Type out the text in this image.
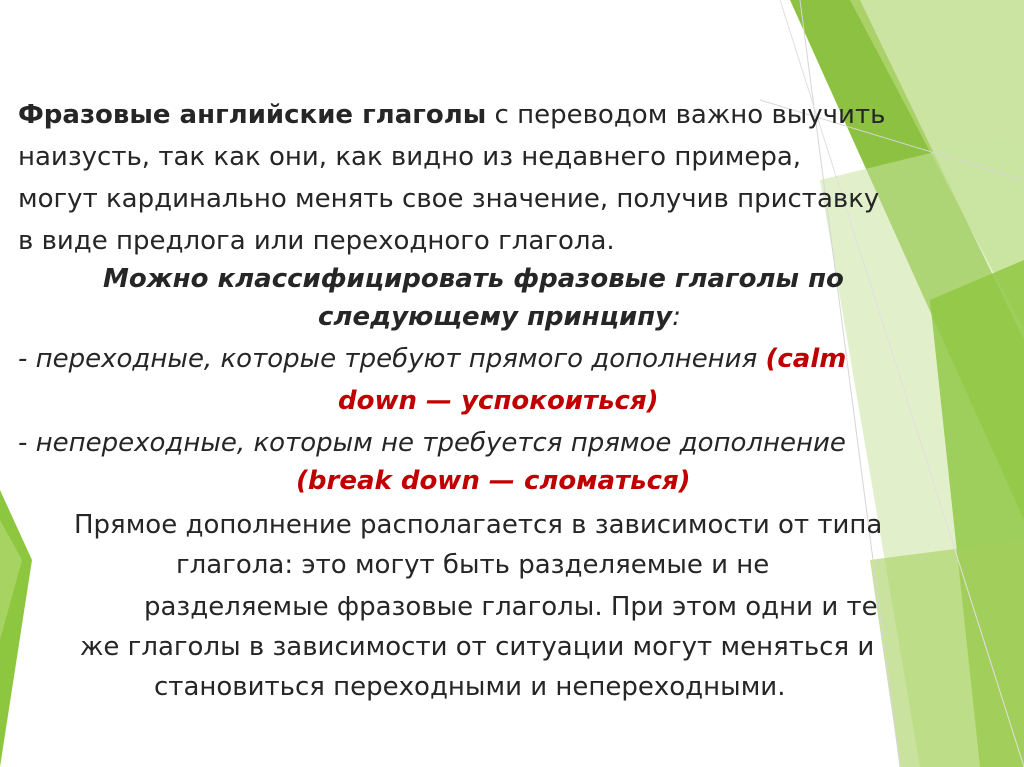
Фразовые английские глаголы с переводом важно выучить
наизусть, так как они, как видно из недавнего примера,
могут кардинально менять свое значение, получив приставку
в виде предлога или переходного глагола.
Можно классифицировать фразовые глаголы по
следующему принципу:
- переходные, которые требуют прямого дополнения (calm
down — успокоиться)
- непереходные, которым не требуется прямое дополнение
(break down — сломаться)
Прямое дополнение располагается в зависимости от типа
глагола: это могут быть разделяемые и не
разделяемые фразовые глаголы. При этом одни и те
же глаголы в зависимости от ситуации могут меняться и
становиться переходными и непереходными.
